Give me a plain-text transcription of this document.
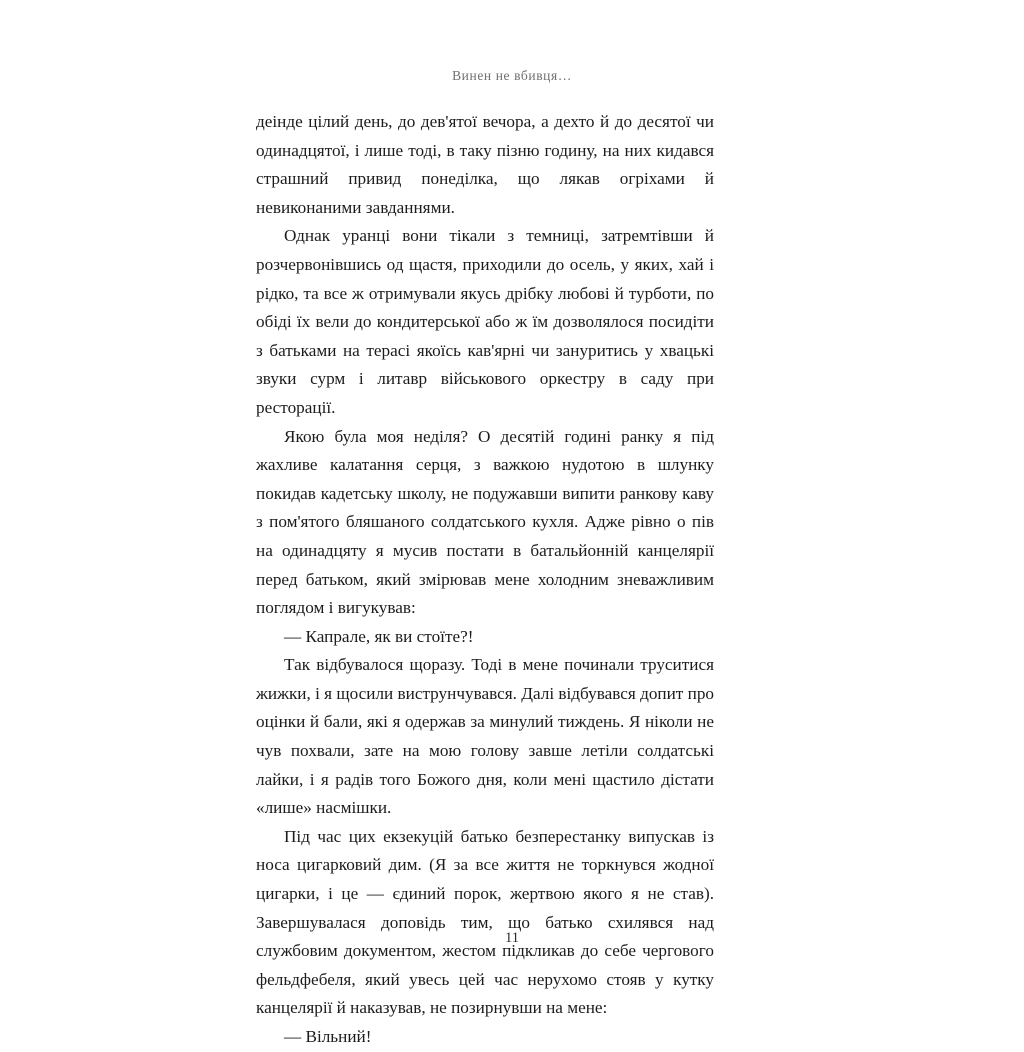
Винен не вбивця…

деінде цілий день, до дев'ятої вечора, а дехто й до десятої чи одинадцятої, і лише тоді, в таку пізню годину, на них кидався страшний привид понеділка, що лякав огріхами й невиконаними завданнями.

Однак уранці вони тікали з темниці, затремтівши й розчервонівшись од щастя, приходили до осель, у яких, хай і рідко, та все ж отримували якусь дрібку любові й турботи, по обіді їх вели до кондитерської або ж їм дозволялося посидіти з батьками на терасі якоїсь кав'ярні чи зануритись у хвацькі звуки сурм і литавр військового оркестру в саду при ресторації.

Якою була моя неділя? О десятій годині ранку я під жахливе калатання серця, з важкою нудотою в шлунку покидав кадетську школу, не подужавши випити ранкову каву з пом'ятого бляшаного солдатського кухля. Адже рівно о пів на одинадцяту я мусив постати в батальйонній канцелярії перед батьком, який змірював мене холодним зневажливим поглядом і вигукував:

— Капрале, як ви стоїте?!

Так відбувалося щоразу. Тоді в мене починали труситися жижки, і я щосили виструнчувався. Далі відбувався допит про оцінки й бали, які я одержав за минулий тиждень. Я ніколи не чув похвали, зате на мою голову завше летіли солдатські лайки, і я радів того Божого дня, коли мені щастило дістати «лише» насмішки.

Під час цих екзекуцій батько безперестанку випускав із носа цигарковий дим. (Я за все життя не торкнувся жодної цигарки, і це — єдиний порок, жертвою якого я не став). Завершувалася доповідь тим, що батько схилявся над службовим документом, жестом підкликав до себе чергового фельдфебеля, який увесь цей час нерухомо стояв у кутку канцелярії й наказував, не позирнувши на мене:

— Вільний!

11
